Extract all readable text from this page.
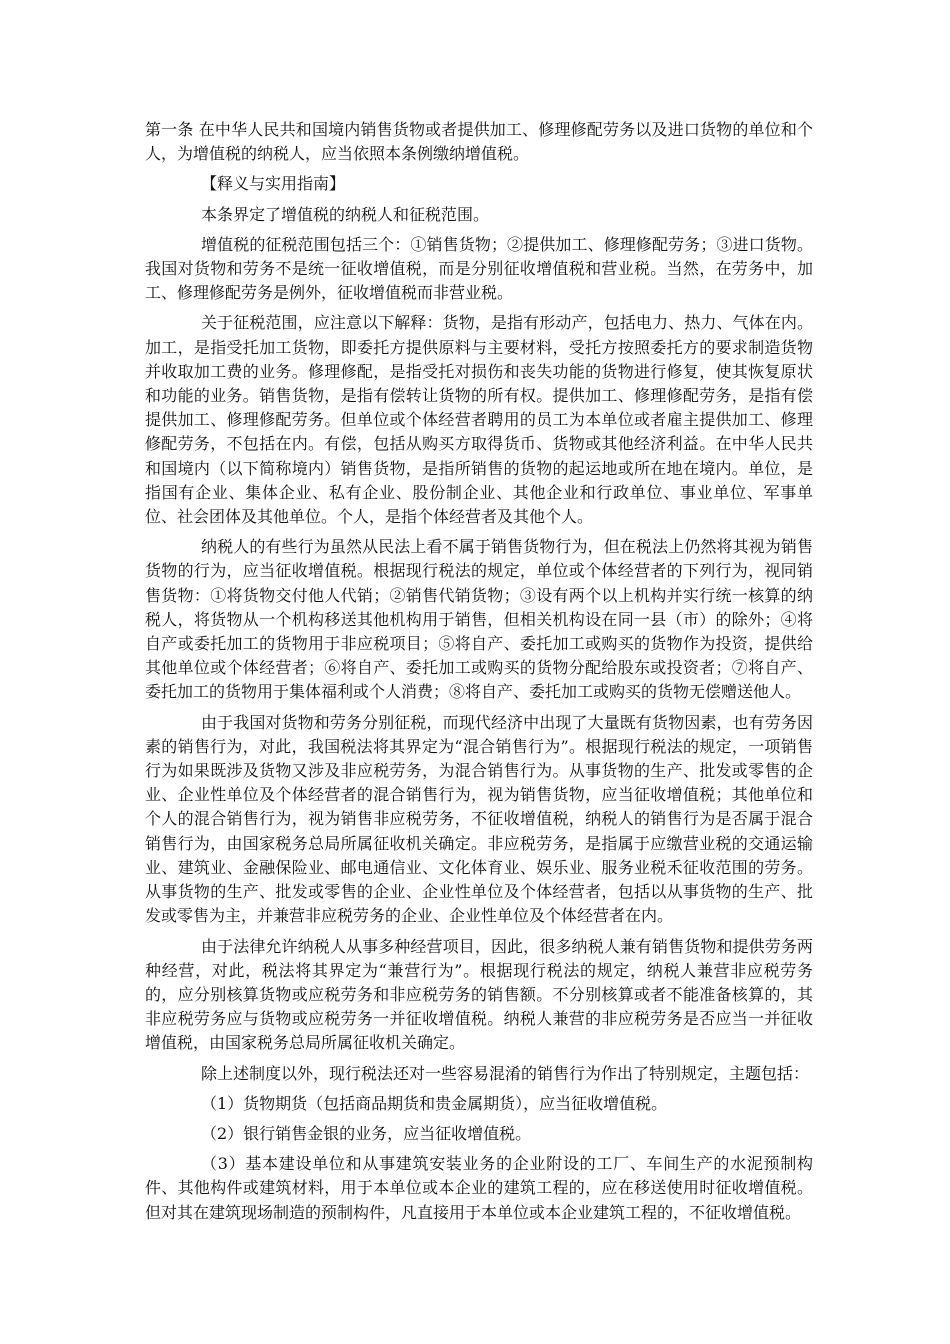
第一条 在中华人民共和国境内销售货物或者提供加工、修理修配劳务以及进口货物的单位和个人，为增值税的纳税人，应当依照本条例缴纳增值税。

【释义与实用指南】

本条界定了增值税的纳税人和征税范围。

增值税的征税范围包括三个：①销售货物；②提供加工、修理修配劳务；③进口货物。我国对货物和劳务不是统一征收增值税，而是分别征收增值税和营业税。当然，在劳务中，加工、修理修配劳务是例外，征收增值税而非营业税。

关于征税范围，应注意以下解释：货物，是指有形动产，包括电力、热力、气体在内。加工，是指受托加工货物，即委托方提供原料与主要材料，受托方按照委托方的要求制造货物并收取加工费的业务。修理修配，是指受托对损伤和丧失功能的货物进行修复，使其恢复原状和功能的业务。销售货物，是指有偿转让货物的所有权。提供加工、修理修配劳务，是指有偿提供加工、修理修配劳务。但单位或个体经营者聘用的员工为本单位或者雇主提供加工、修理修配劳务，不包括在内。有偿，包括从购买方取得货币、货物或其他经济利益。在中华人民共和国境内（以下简称境内）销售货物，是指所销售的货物的起运地或所在地在境内。单位，是指国有企业、集体企业、私有企业、股份制企业、其他企业和行政单位、事业单位、军事单位、社会团体及其他单位。个人，是指个体经营者及其他个人。

纳税人的有些行为虽然从民法上看不属于销售货物行为，但在税法上仍然将其视为销售货物的行为，应当征收增值税。根据现行税法的规定，单位或个体经营者的下列行为，视同销售货物：①将货物交付他人代销；②销售代销货物；③设有两个以上机构并实行统一核算的纳税人，将货物从一个机构移送其他机构用于销售，但相关机构设在同一县（市）的除外；④将自产或委托加工的货物用于非应税项目；⑤将自产、委托加工或购买的货物作为投资，提供给其他单位或个体经营者；⑥将自产、委托加工或购买的货物分配给股东或投资者；⑦将自产、委托加工的货物用于集体福利或个人消费；⑧将自产、委托加工或购买的货物无偿赠送他人。

由于我国对货物和劳务分别征税，而现代经济中出现了大量既有货物因素，也有劳务因素的销售行为，对此，我国税法将其界定为“混合销售行为”。根据现行税法的规定，一项销售行为如果既涉及货物又涉及非应税劳务，为混合销售行为。从事货物的生产、批发或零售的企业、企业性单位及个体经营者的混合销售行为，视为销售货物，应当征收增值税；其他单位和个人的混合销售行为，视为销售非应税劳务，不征收增值税，纳税人的销售行为是否属于混合销售行为，由国家税务总局所属征收机关确定。非应税劳务，是指属于应缴营业税的交通运输业、建筑业、金融保险业、邮电通信业、文化体育业、娱乐业、服务业税禾征收范围的劳务。从事货物的生产、批发或零售的企业、企业性单位及个体经营者，包括以从事货物的生产、批发或零售为主，并兼营非应税劳务的企业、企业性单位及个体经营者在内。

由于法律允许纳税人从事多种经营项目，因此，很多纳税人兼有销售货物和提供劳务两种经营，对此，税法将其界定为“兼营行为”。根据现行税法的规定，纳税人兼营非应税劳务的，应分别核算货物或应税劳务和非应税劳务的销售额。不分别核算或者不能准备核算的，其非应税劳务应与货物或应税劳务一并征收增值税。纳税人兼营的非应税劳务是否应当一并征收增值税，由国家税务总局所属征收机关确定。

除上述制度以外，现行税法还对一些容易混淆的销售行为作出了特别规定，主题包括：

（1）货物期货（包括商品期货和贵金属期货），应当征收增值税。

（2）银行销售金银的业务，应当征收增值税。

（3）基本建设单位和从事建筑安装业务的企业附设的工厂、车间生产的水泥预制构件、其他构件或建筑材料，用于本单位或本企业的建筑工程的，应在移送使用时征收增值税。但对其在建筑现场制造的预制构件，凡直接用于本单位或本企业建筑工程的，不征收增值税。
